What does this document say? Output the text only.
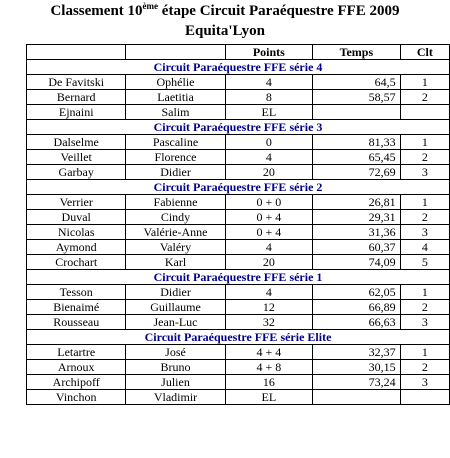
Classement 10ème étape Circuit Paraéquestre FFE 2009
Equita'Lyon
		Points	Temps	Clt
Circuit Paraéquestre FFE série 4				
De Favitski	Ophélie	4	64,5	1
Bernard	Laetitia	8	58,57	2
Ejnaini	Salim	EL		
Circuit Paraéquestre FFE série 3				
Dalselme	Pascaline	0	81,33	1
Veillet	Florence	4	65,45	2
Garbay	Didier	20	72,69	3
Circuit Paraéquestre FFE série 2				
Verrier	Fabienne	0 + 0	26,81	1
Duval	Cindy	0 + 4	29,31	2
Nicolas	Valérie-Anne	0 + 4	31,36	3
Aymond	Valéry	4	60,37	4
Crochart	Karl	20	74,09	5
Circuit Paraéquestre FFE série 1				
Tesson	Didier	4	62,05	1
Bienaimé	Guillaume	12	66,89	2
Rousseau	Jean-Luc	32	66,63	3
Circuit Paraéquestre FFE série Elite				
Letartre	José	4 + 4	32,37	1
Arnoux	Bruno	4 + 8	30,15	2
Archipoff	Julien	16	73,24	3
Vinchon	Vladimir	EL		
